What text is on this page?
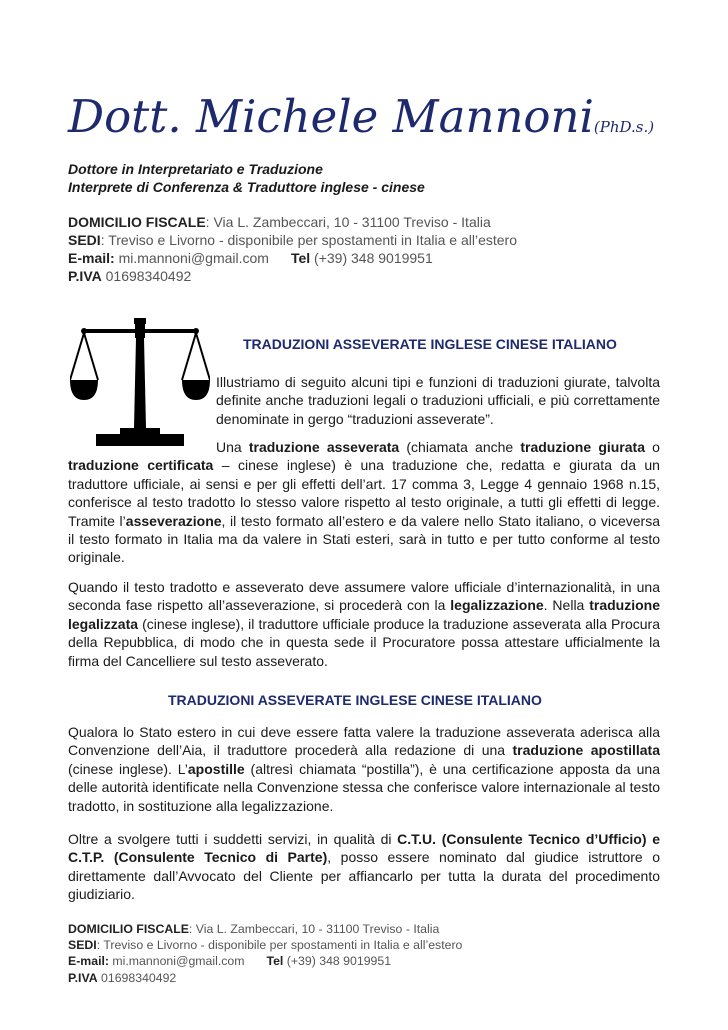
Dott. Michele Mannoni(PhD.s.)
Dottore in Interpretariato e Traduzione
Interprete di Conferenza & Traduttore inglese - cinese
DOMICILIO FISCALE: Via L. Zambeccari, 10 - 31100 Treviso - Italia
SEDI: Treviso e Livorno - disponibile per spostamenti in Italia e all’estero
E-mail: mi.mannoni@gmail.com Tel (+39) 348 9019951
P.IVA 01698340492
TRADUZIONI ASSEVERATE INGLESE CINESE ITALIANO
Illustriamo di seguito alcuni tipi e funzioni di traduzioni giurate, talvolta definite anche traduzioni legali o traduzioni ufficiali, e più correttamente denominate in gergo “traduzioni asseverate”.
Una traduzione asseverata (chiamata anche traduzione giurata o traduzione certificata – cinese inglese) è una traduzione che, redatta e giurata da un traduttore ufficiale, ai sensi e per gli effetti dell’art. 17 comma 3, Legge 4 gennaio 1968 n.15, conferisce al testo tradotto lo stesso valore rispetto al testo originale, a tutti gli effetti di legge. Tramite l’asseverazione, il testo formato all’estero e da valere nello Stato italiano, o viceversa il testo formato in Italia ma da valere in Stati esteri, sarà in tutto e per tutto conforme al testo originale.
Quando il testo tradotto e asseverato deve assumere valore ufficiale d’internazionalità, in una seconda fase rispetto all’asseverazione, si procederà con la legalizzazione. Nella traduzione legalizzata (cinese inglese), il traduttore ufficiale produce la traduzione asseverata alla Procura della Repubblica, di modo che in questa sede il Procuratore possa attestare ufficialmente la firma del Cancelliere sul testo asseverato.
TRADUZIONI ASSEVERATE INGLESE CINESE ITALIANO
Qualora lo Stato estero in cui deve essere fatta valere la traduzione asseverata aderisca alla Convenzione dell’Aia, il traduttore procederà alla redazione di una traduzione apostillata (cinese inglese). L’apostille (altresì chiamata “postilla”), è una certificazione apposta da una delle autorità identificate nella Convenzione stessa che conferisce valore internazionale al testo tradotto, in sostituzione alla legalizzazione.
Oltre a svolgere tutti i suddetti servizi, in qualità di C.T.U. (Consulente Tecnico d’Ufficio) e C.T.P. (Consulente Tecnico di Parte), posso essere nominato dal giudice istruttore o direttamente dall’Avvocato del Cliente per affiancarlo per tutta la durata del procedimento giudiziario.
DOMICILIO FISCALE: Via L. Zambeccari, 10 - 31100 Treviso - Italia
SEDI: Treviso e Livorno - disponibile per spostamenti in Italia e all’estero
E-mail: mi.mannoni@gmail.com Tel (+39) 348 9019951
P.IVA 01698340492
